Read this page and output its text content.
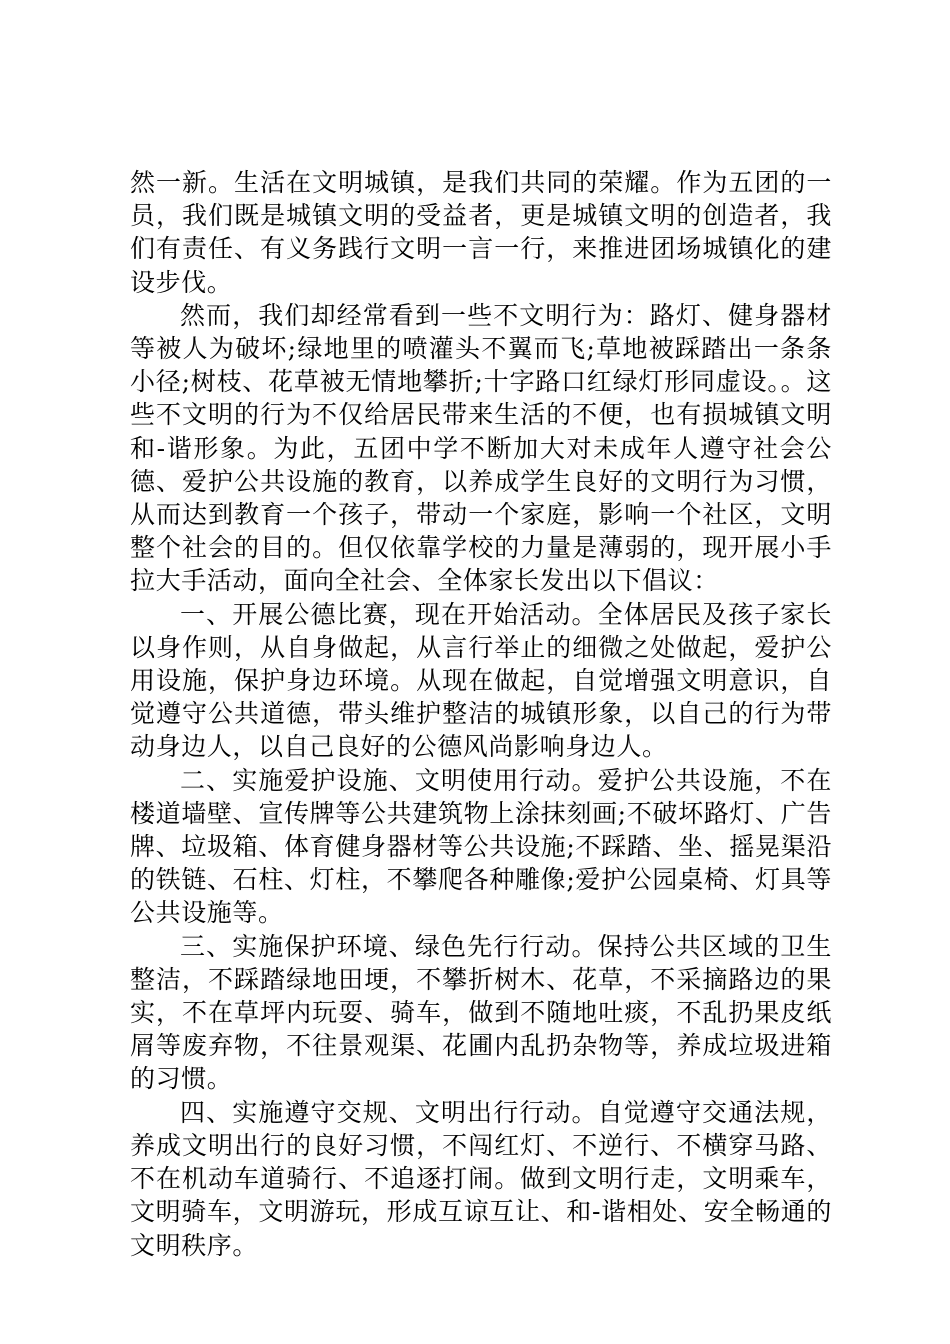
然一新。生活在文明城镇，是我们共同的荣耀。作为五团的一员，我们既是城镇文明的受益者，更是城镇文明的创造者，我们有责任、有义务践行文明一言一行，来推进团场城镇化的建设步伐。

然而，我们却经常看到一些不文明行为：路灯、健身器材等被人为破坏;绿地里的喷灌头不翼而飞;草地被踩踏出一条条小径;树枝、花草被无情地攀折;十字路口红绿灯形同虚设。。这些不文明的行为不仅给居民带来生活的不便，也有损城镇文明和-谐形象。为此，五团中学不断加大对未成年人遵守社会公德、爱护公共设施的教育，以养成学生良好的文明行为习惯，从而达到教育一个孩子，带动一个家庭，影响一个社区，文明整个社会的目的。但仅依靠学校的力量是薄弱的，现开展小手拉大手活动，面向全社会、全体家长发出以下倡议：

一、开展公德比赛，现在开始活动。全体居民及孩子家长以身作则，从自身做起，从言行举止的细微之处做起，爱护公用设施，保护身边环境。从现在做起，自觉增强文明意识，自觉遵守公共道德，带头维护整洁的城镇形象，以自己的行为带动身边人，以自己良好的公德风尚影响身边人。

二、实施爱护设施、文明使用行动。爱护公共设施，不在楼道墙壁、宣传牌等公共建筑物上涂抹刻画;不破坏路灯、广告牌、垃圾箱、体育健身器材等公共设施;不踩踏、坐、摇晃渠沿的铁链、石柱、灯柱，不攀爬各种雕像;爱护公园桌椅、灯具等公共设施等。

三、实施保护环境、绿色先行行动。保持公共区域的卫生整洁，不踩踏绿地田埂，不攀折树木、花草，不采摘路边的果实，不在草坪内玩耍、骑车，做到不随地吐痰，不乱扔果皮纸屑等废弃物，不往景观渠、花圃内乱扔杂物等，养成垃圾进箱的习惯。

四、实施遵守交规、文明出行行动。自觉遵守交通法规，养成文明出行的良好习惯，不闯红灯、不逆行、不横穿马路、不在机动车道骑行、不追逐打闹。做到文明行走，文明乘车，文明骑车，文明游玩，形成互谅互让、和-谐相处、安全畅通的文明秩序。
